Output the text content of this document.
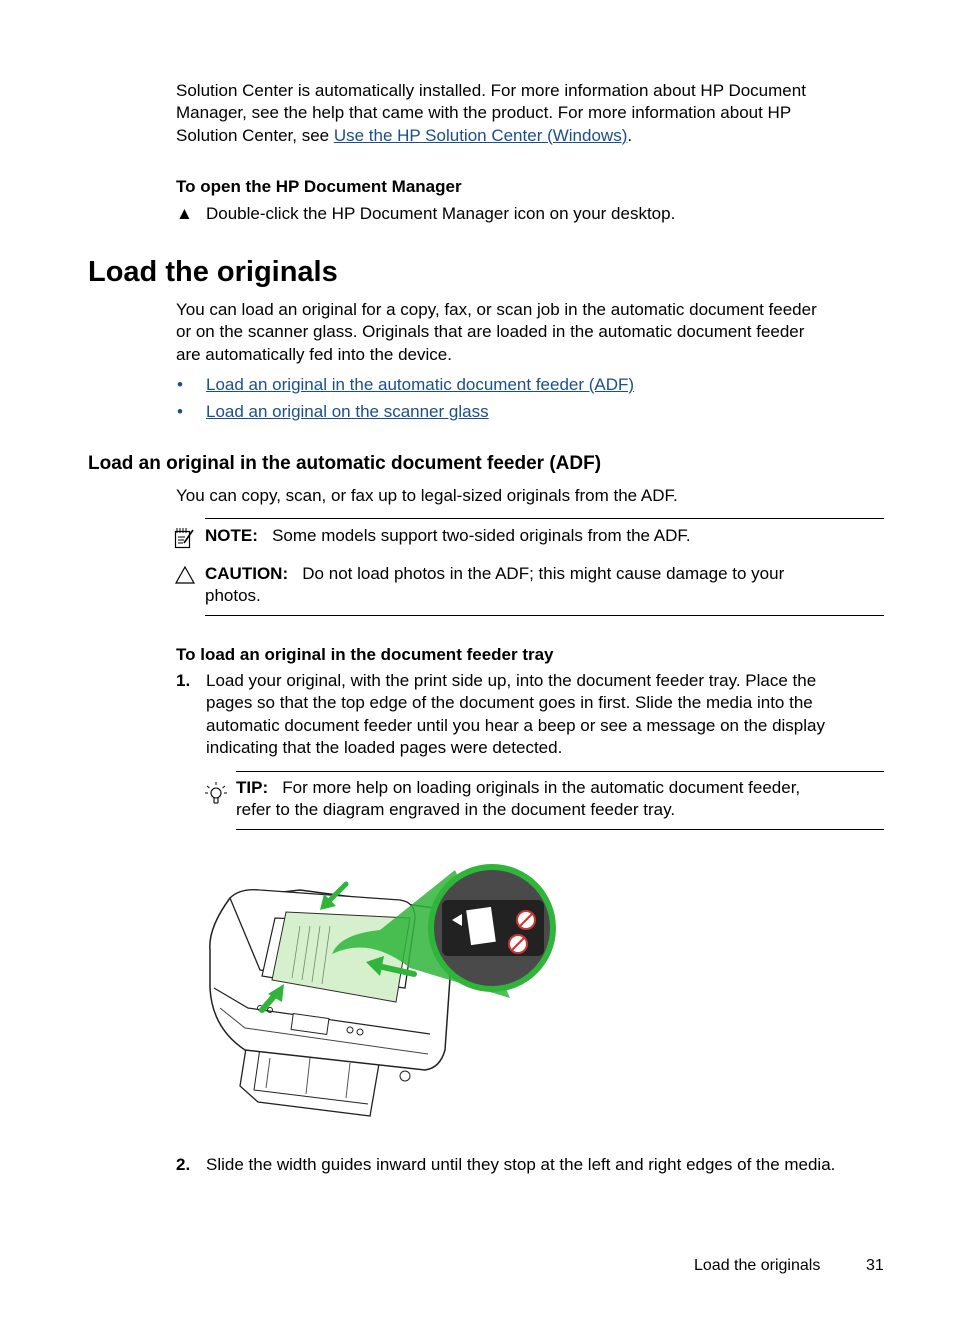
Solution Center is automatically installed. For more information about HP Document
Manager, see the help that came with the product. For more information about HP
Solution Center, see Use the HP Solution Center (Windows).
To open the HP Document Manager
▲ Double-click the HP Document Manager icon on your desktop.
Load the originals
You can load an original for a copy, fax, or scan job in the automatic document feeder
or on the scanner glass. Originals that are loaded in the automatic document feeder
are automatically fed into the device.
• Load an original in the automatic document feeder (ADF)
• Load an original on the scanner glass
Load an original in the automatic document feeder (ADF)
You can copy, scan, or fax up to legal-sized originals from the ADF.
NOTE: Some models support two-sided originals from the ADF.
CAUTION: Do not load photos in the ADF; this might cause damage to your
photos.
To load an original in the document feeder tray
1. Load your original, with the print side up, into the document feeder tray. Place the
pages so that the top edge of the document goes in first. Slide the media into the
automatic document feeder until you hear a beep or see a message on the display
indicating that the loaded pages were detected.
TIP: For more help on loading originals in the automatic document feeder,
refer to the diagram engraved in the document feeder tray.
2. Slide the width guides inward until they stop at the left and right edges of the media.
Load the originals	31
